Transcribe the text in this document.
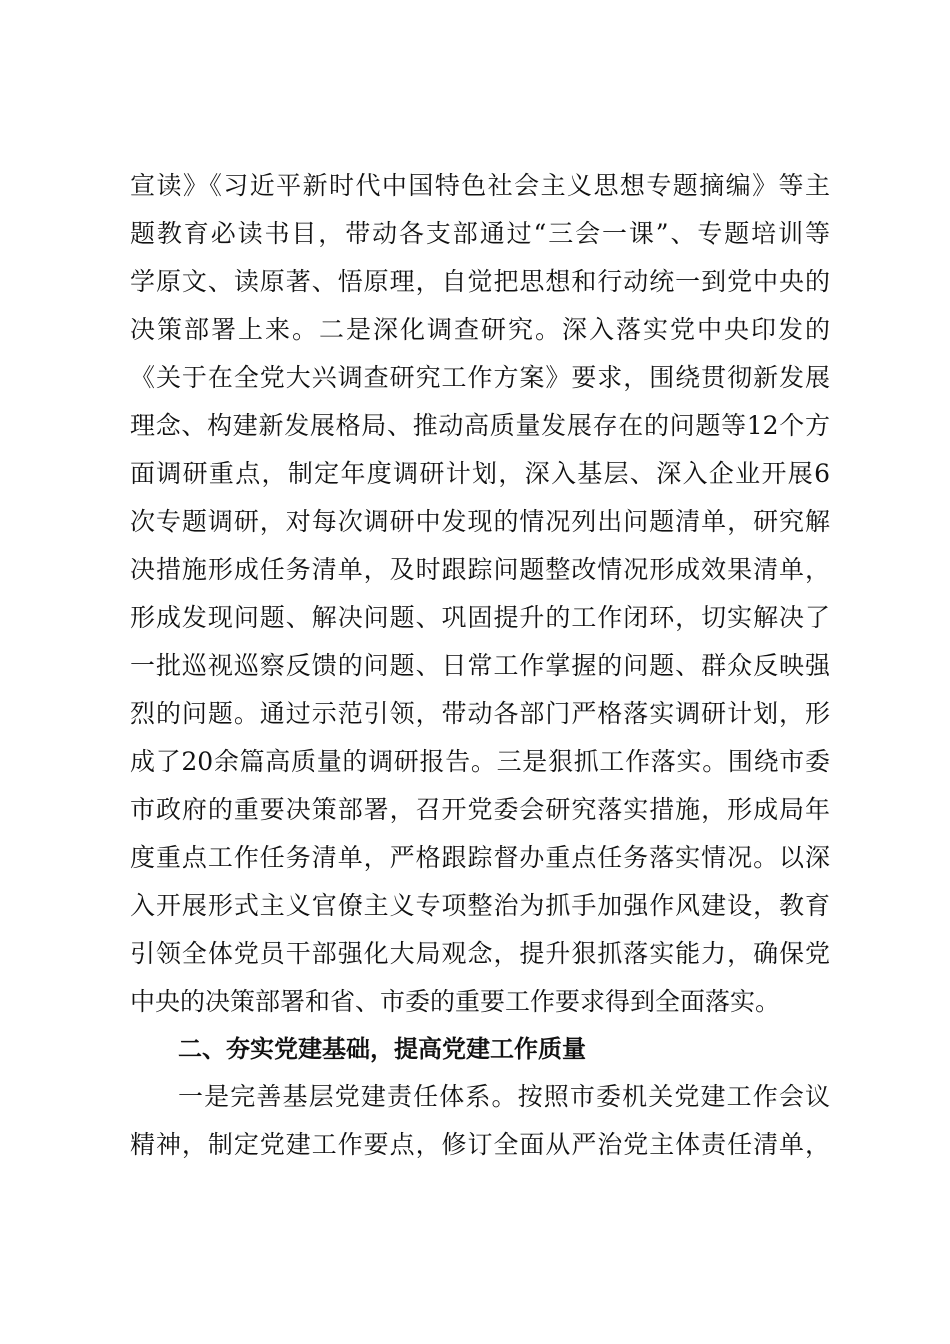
宣读》《习近平新时代中国特色社会主义思想专题摘编》等主
题教育必读书目，带动各支部通过“三会一课”、专题培训等
学原文、读原著、悟原理，自觉把思想和行动统一到党中央的
决策部署上来。二是深化调查研究。深入落实党中央印发的
《关于在全党大兴调查研究工作方案》要求，围绕贯彻新发展
理念、构建新发展格局、推动高质量发展存在的问题等12个方
面调研重点，制定年度调研计划，深入基层、深入企业开展6
次专题调研，对每次调研中发现的情况列出问题清单，研究解
决措施形成任务清单，及时跟踪问题整改情况形成效果清单，
形成发现问题、解决问题、巩固提升的工作闭环，切实解决了
一批巡视巡察反馈的问题、日常工作掌握的问题、群众反映强
烈的问题。通过示范引领，带动各部门严格落实调研计划，形
成了20余篇高质量的调研报告。三是狠抓工作落实。围绕市委
市政府的重要决策部署，召开党委会研究落实措施，形成局年
度重点工作任务清单，严格跟踪督办重点任务落实情况。以深
入开展形式主义官僚主义专项整治为抓手加强作风建设，教育
引领全体党员干部强化大局观念，提升狠抓落实能力，确保党
中央的决策部署和省、市委的重要工作要求得到全面落实。
二、夯实党建基础，提高党建工作质量
一是完善基层党建责任体系。按照市委机关党建工作会议
精神，制定党建工作要点，修订全面从严治党主体责任清单，
